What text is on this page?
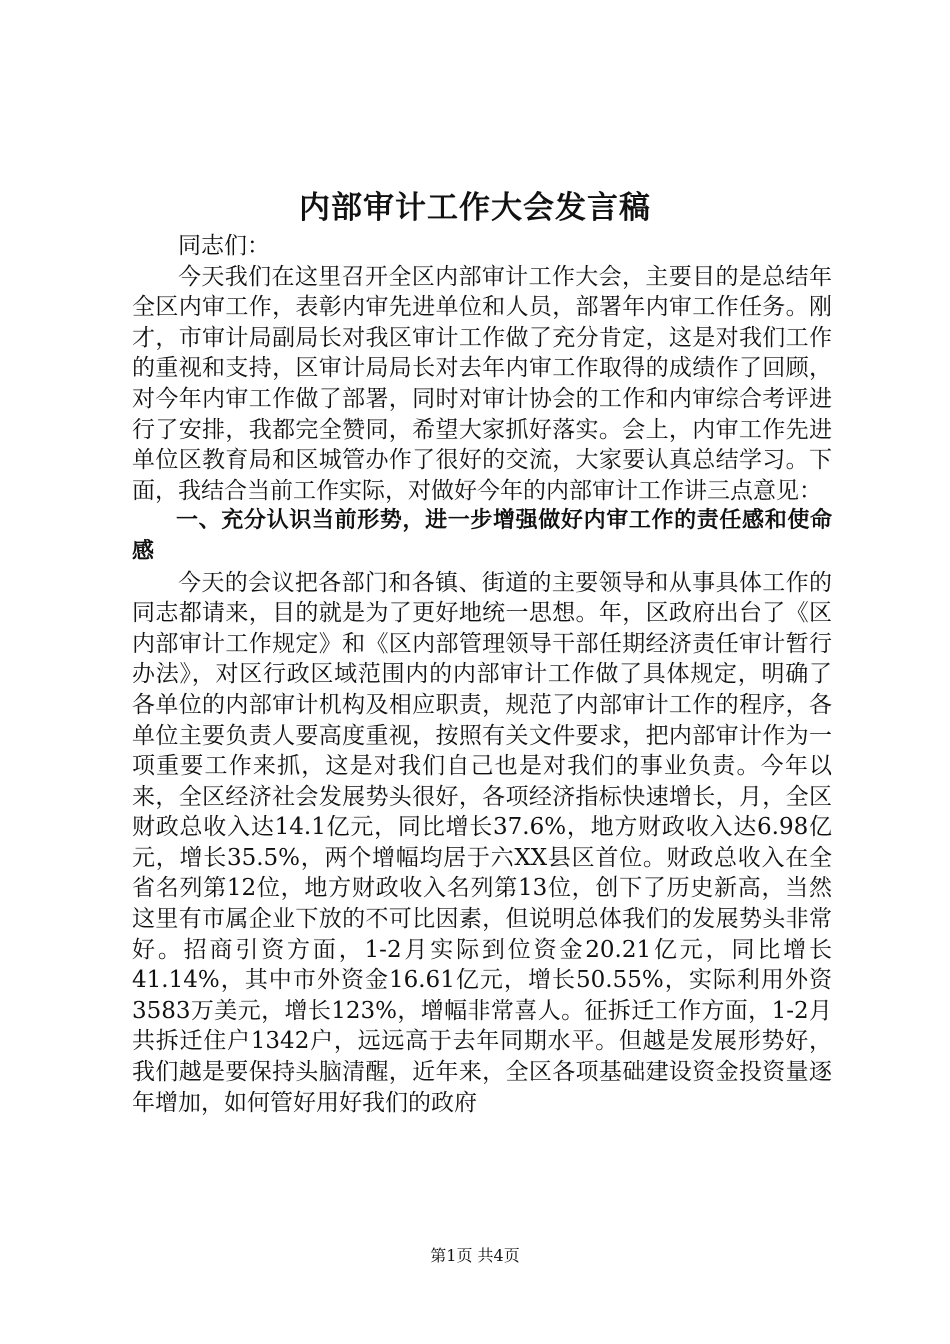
内部审计工作大会发言稿

同志们：

今天我们在这里召开全区内部审计工作大会，主要目的是总结年全区内审工作，表彰内审先进单位和人员，部署年内审工作任务。刚才，市审计局副局长对我区审计工作做了充分肯定，这是对我们工作的重视和支持，区审计局局长对去年内审工作取得的成绩作了回顾，对今年内审工作做了部署，同时对审计协会的工作和内审综合考评进行了安排，我都完全赞同，希望大家抓好落实。会上，内审工作先进单位区教育局和区城管办作了很好的交流，大家要认真总结学习。下面，我结合当前工作实际，对做好今年的内部审计工作讲三点意见：

一、充分认识当前形势，进一步增强做好内审工作的责任感和使命感

今天的会议把各部门和各镇、街道的主要领导和从事具体工作的同志都请来，目的就是为了更好地统一思想。年，区政府出台了《区内部审计工作规定》和《区内部管理领导干部任期经济责任审计暂行办法》，对区行政区域范围内的内部审计工作做了具体规定，明确了各单位的内部审计机构及相应职责，规范了内部审计工作的程序，各单位主要负责人要高度重视，按照有关文件要求，把内部审计作为一项重要工作来抓，这是对我们自己也是对我们的事业负责。今年以来，全区经济社会发展势头很好，各项经济指标快速增长，月，全区财政总收入达14.1亿元，同比增长37.6%，地方财政收入达6.98亿元，增长35.5%，两个增幅均居于六XX县区首位。财政总收入在全省名列第12位，地方财政收入名列第13位，创下了历史新高，当然这里有市属企业下放的不可比因素，但说明总体我们的发展势头非常好。招商引资方面，1-2月实际到位资金20.21亿元，同比增长41.14%，其中市外资金16.61亿元，增长50.55%，实际利用外资3583万美元，增长123%，增幅非常喜人。征拆迁工作方面，1-2月共拆迁住户1342户，远远高于去年同期水平。但越是发展形势好，我们越是要保持头脑清醒，近年来，全区各项基础建设资金投资量逐年增加，如何管好用好我们的政府

第1页 共4页
